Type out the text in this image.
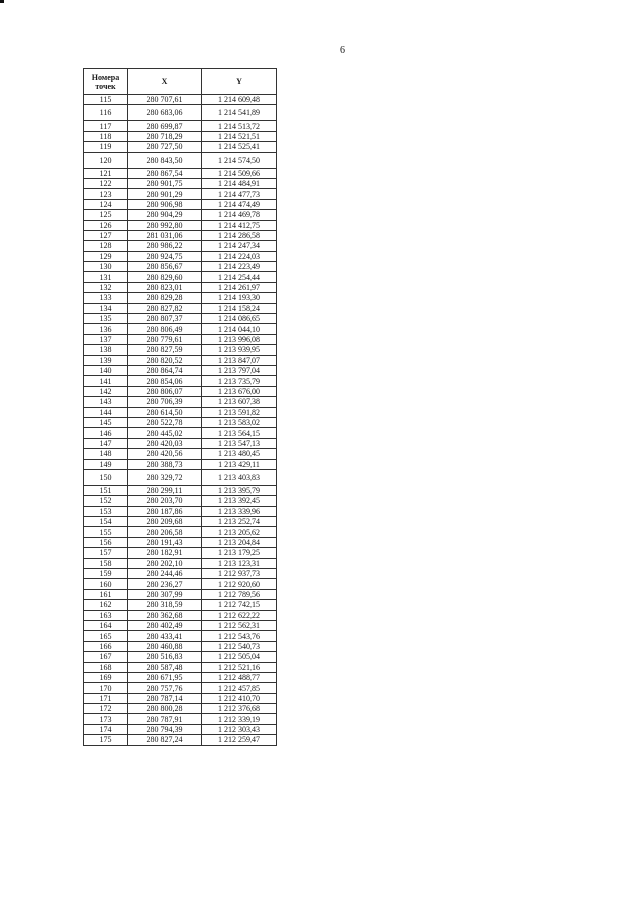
6
Номера
точек	X	Y
115	280 707,61	1 214 609,48
116	280 683,06	1 214 541,89
117	280 699,87	1 214 513,72
118	280 718,29	1 214 521,51
119	280 727,50	1 214 525,41
120	280 843,50	1 214 574,50
121	280 867,54	1 214 509,66
122	280 901,75	1 214 484,91
123	280 901,29	1 214 477,73
124	280 906,98	1 214 474,49
125	280 904,29	1 214 469,78
126	280 992,80	1 214 412,75
127	281 031,06	1 214 286,58
128	280 986,22	1 214 247,34
129	280 924,75	1 214 224,03
130	280 856,67	1 214 223,49
131	280 829,60	1 214 254,44
132	280 823,01	1 214 261,97
133	280 829,28	1 214 193,30
134	280 827,82	1 214 158,24
135	280 807,37	1 214 086,65
136	280 806,49	1 214 044,10
137	280 779,61	1 213 996,08
138	280 827,59	1 213 939,95
139	280 820,52	1 213 847,07
140	280 864,74	1 213 797,04
141	280 854,06	1 213 735,79
142	280 806,07	1 213 676,00
143	280 706,39	1 213 607,38
144	280 614,50	1 213 591,82
145	280 522,78	1 213 583,02
146	280 445,02	1 213 564,15
147	280 420,03	1 213 547,13
148	280 420,56	1 213 480,45
149	280 388,73	1 213 429,11
150	280 329,72	1 213 403,83
151	280 299,11	1 213 395,79
152	280 203,70	1 213 392,45
153	280 187,86	1 213 339,96
154	280 209,68	1 213 252,74
155	280 206,58	1 213 205,62
156	280 191,43	1 213 204,84
157	280 182,91	1 213 179,25
158	280 202,10	1 213 123,31
159	280 244,46	1 212 937,73
160	280 236,27	1 212 920,60
161	280 307,99	1 212 789,56
162	280 318,59	1 212 742,15
163	280 362,68	1 212 622,22
164	280 402,49	1 212 562,31
165	280 433,41	1 212 543,76
166	280 460,88	1 212 540,73
167	280 516,83	1 212 505,04
168	280 587,48	1 212 521,16
169	280 671,95	1 212 488,77
170	280 757,76	1 212 457,85
171	280 787,14	1 212 410,70
172	280 800,28	1 212 376,68
173	280 787,91	1 212 339,19
174	280 794,39	1 212 303,43
175	280 827,24	1 212 259,47
